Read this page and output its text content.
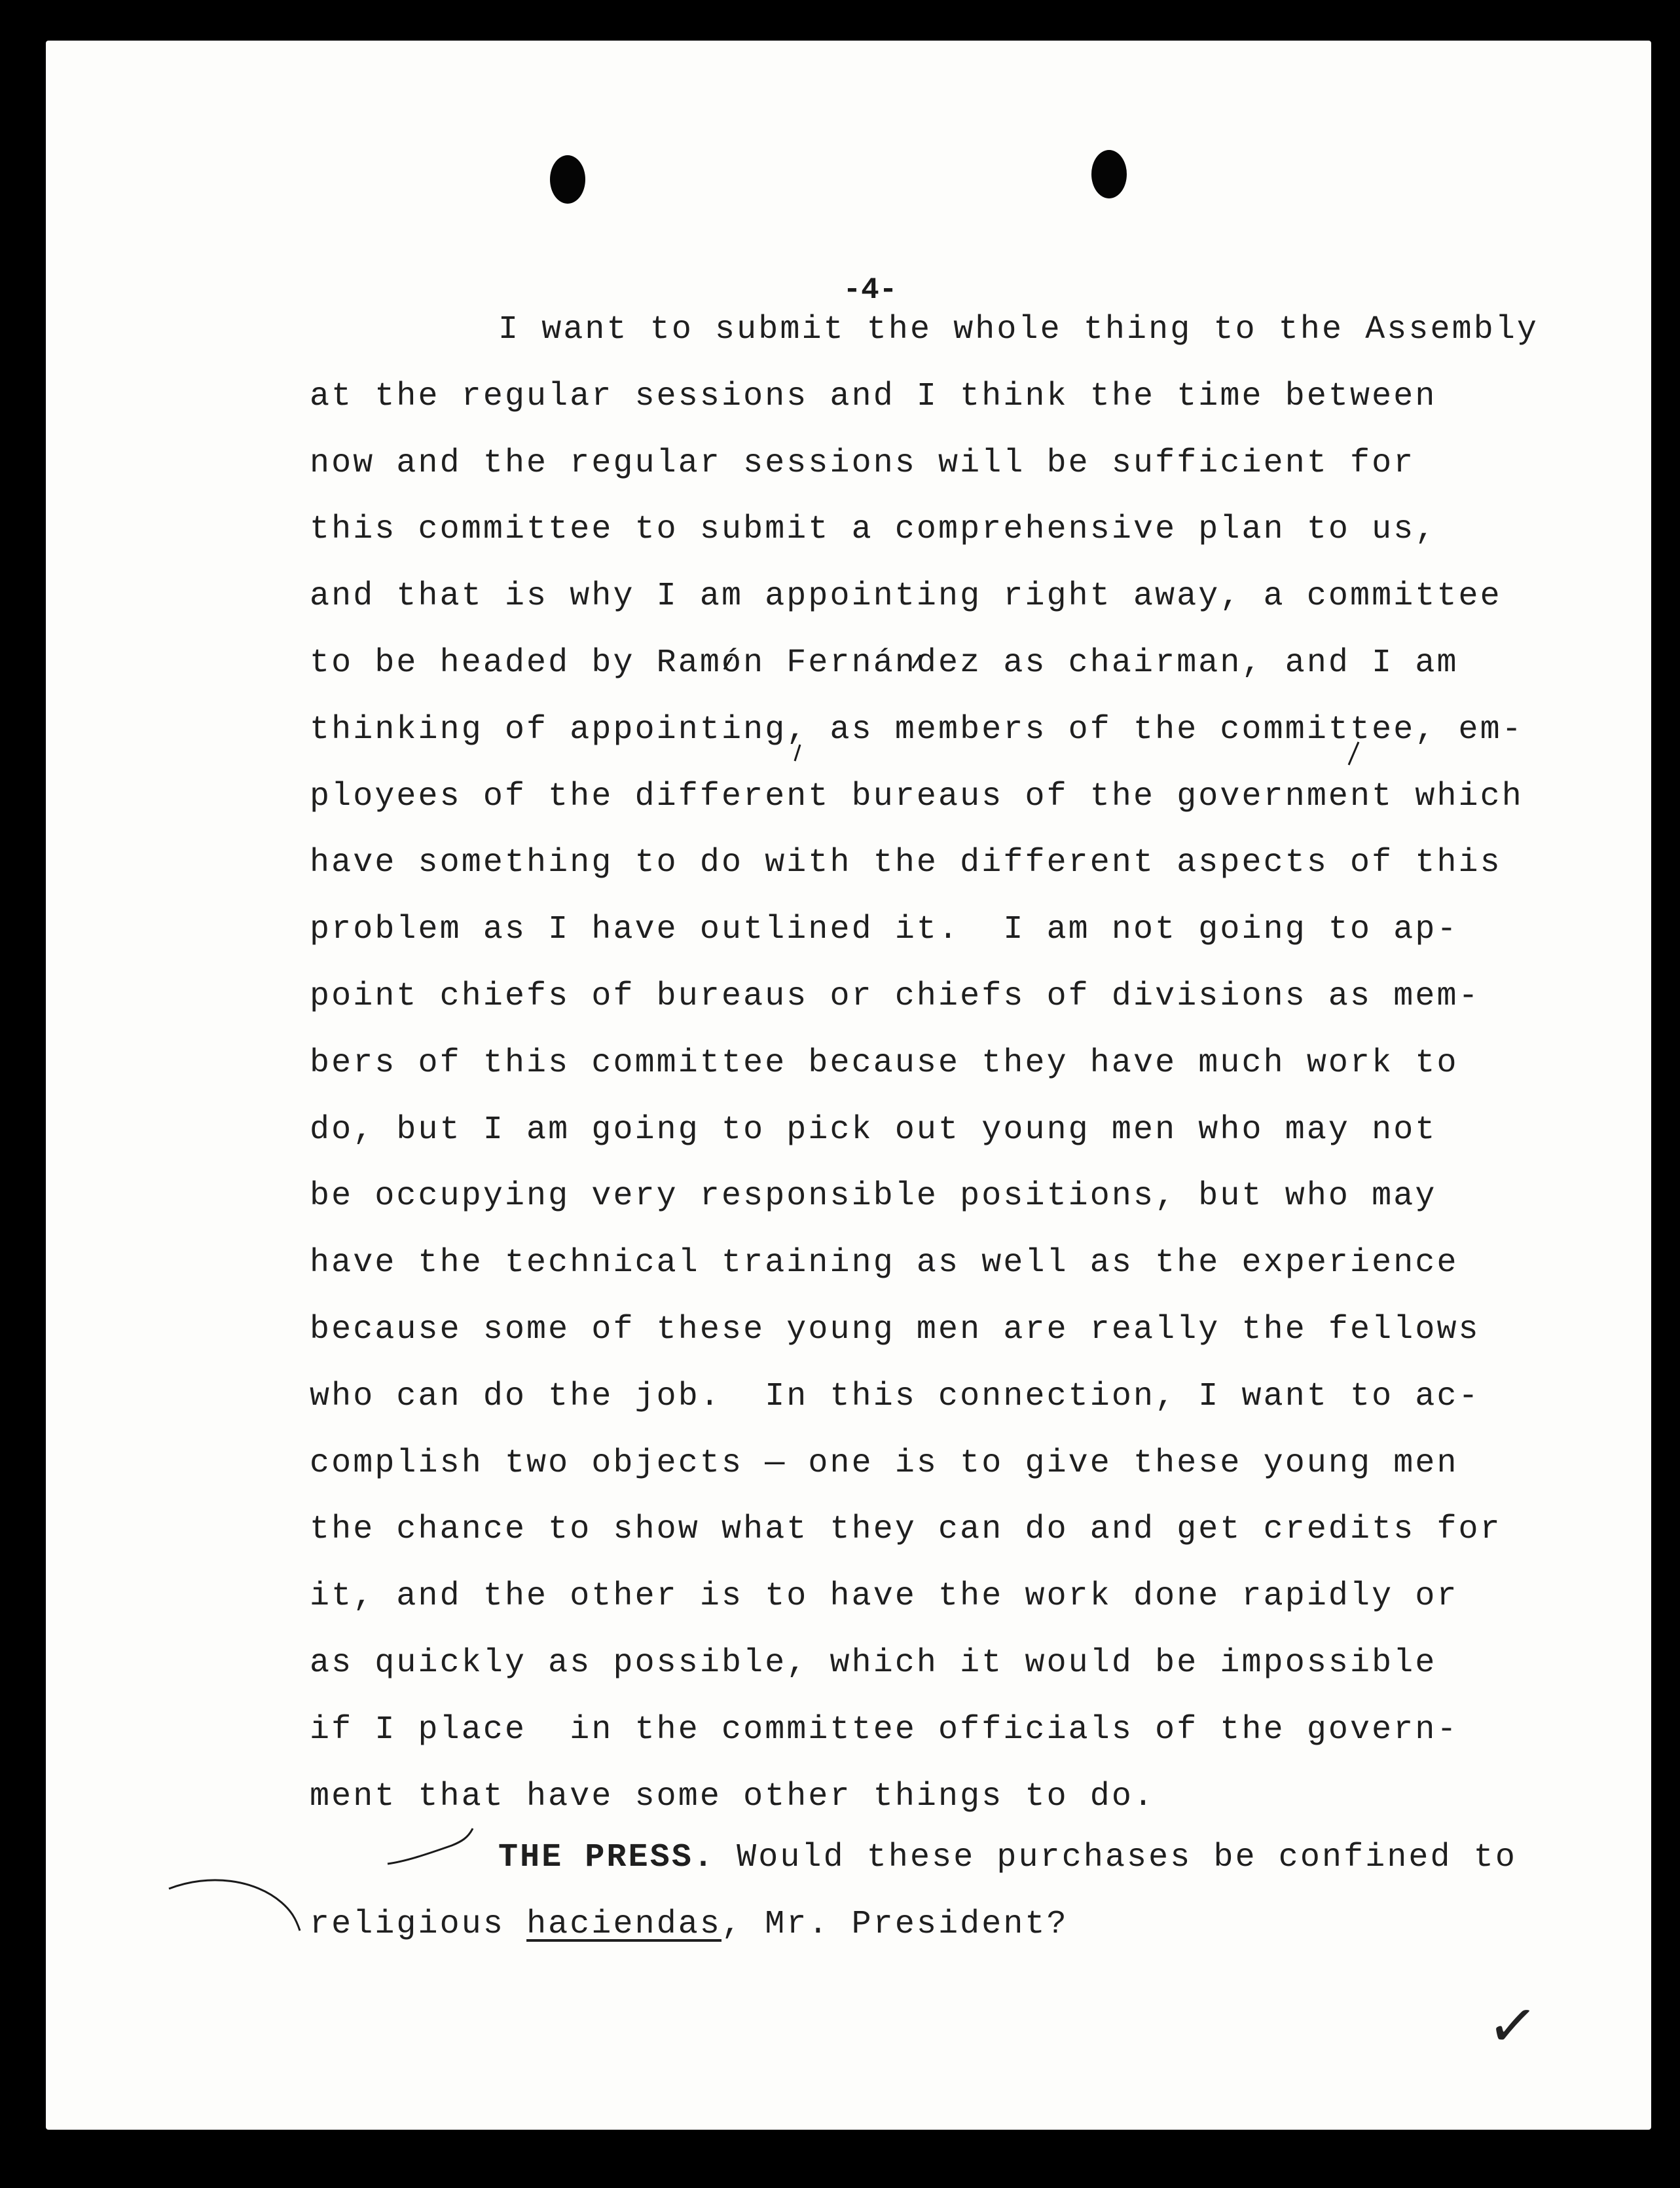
-4-
I want to submit the whole thing to the Assembly
at the regular sessions and I think the time between
now and the regular sessions will be sufficient for
this committee to submit a comprehensive plan to us,
and that is why I am appointing right away, a committee
to be headed by Ramón Fernández as chairman, and I am
thinking of appointing, as members of the committee, em-
ployees of the different bureaus of the government which
have something to do with the different aspects of this
problem as I have outlined it.  I am not going to ap-
point chiefs of bureaus or chiefs of divisions as mem-
bers of this committee because they have much work to
do, but I am going to pick out young men who may not
be occupying very responsible positions, but who may
have the technical training as well as the experience
because some of these young men are really the fellows
who can do the job.  In this connection, I want to ac-
complish two objects — one is to give these young men
the chance to show what they can do and get credits for
it, and the other is to have the work done rapidly or
as quickly as possible, which it would be impossible
if I place  in the committee officials of the govern-
ment that have some other things to do.
THE PRESS. Would these purchases be confined to
religious haciendas, Mr. President?
✓
